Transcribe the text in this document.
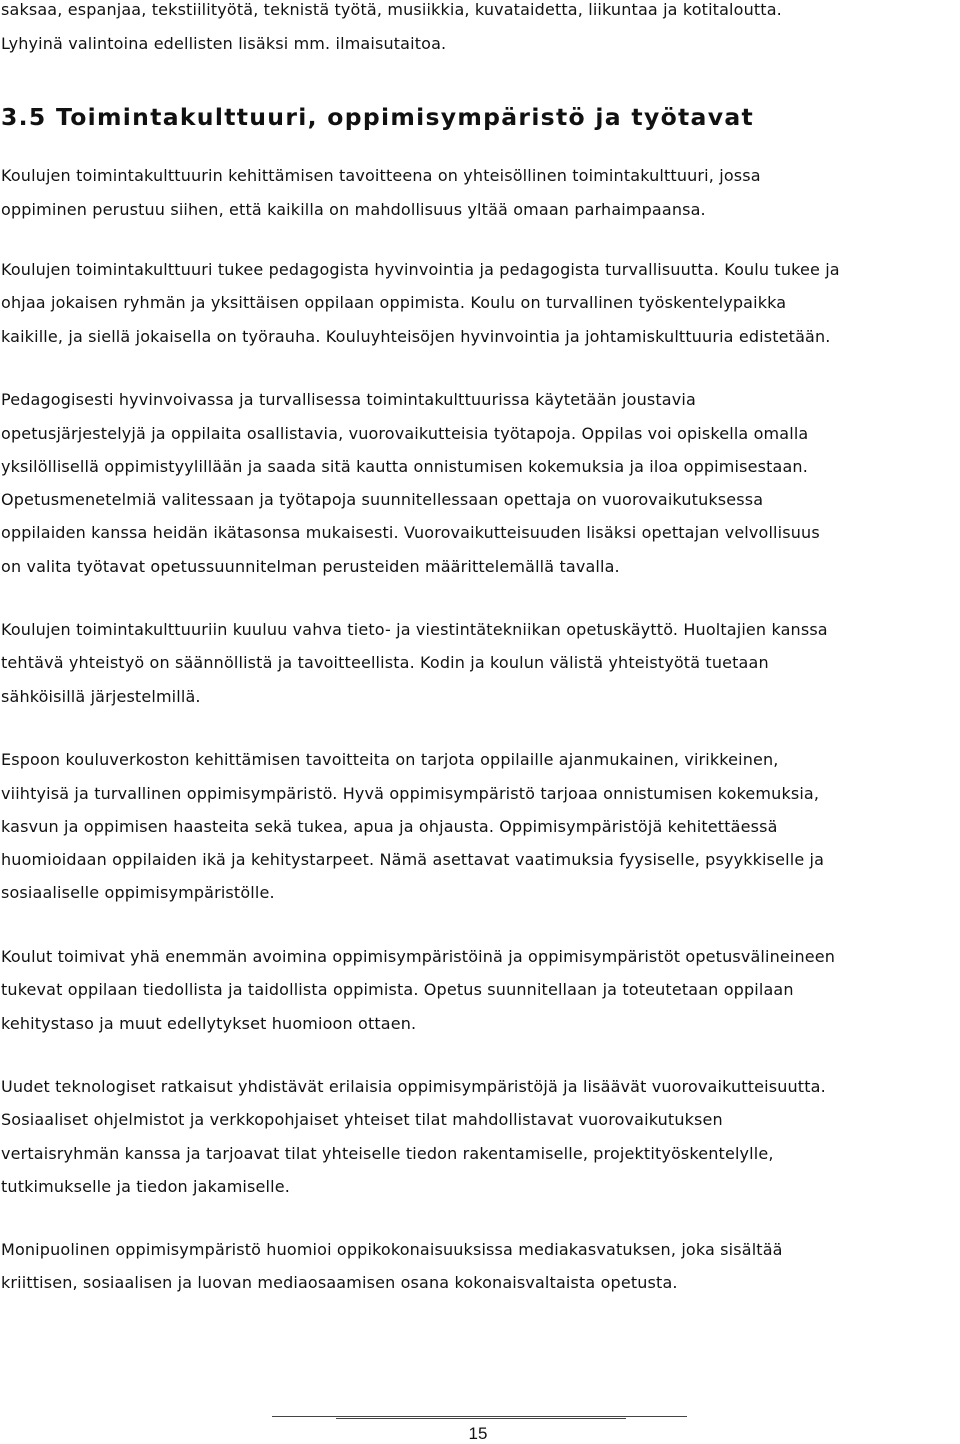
saksaa, espanjaa, tekstiilityötä, teknistä työtä, musiikkia, kuvataidetta, liikuntaa ja kotitaloutta.
Lyhyinä valintoina edellisten lisäksi mm. ilmaisutaitoa.
3.5 Toimintakulttuuri, oppimisympäristö ja työtavat
Koulujen toimintakulttuurin kehittämisen tavoitteena on yhteisöllinen toimintakulttuuri, jossa
oppiminen perustuu siihen, että kaikilla on mahdollisuus yltää omaan parhaimpaansa.
Koulujen toimintakulttuuri tukee pedagogista hyvinvointia ja pedagogista turvallisuutta. Koulu tukee ja
ohjaa jokaisen ryhmän ja yksittäisen oppilaan oppimista. Koulu on turvallinen työskentelypaikka
kaikille, ja siellä jokaisella on työrauha. Kouluyhteisöjen hyvinvointia ja johtamiskulttuuria edistetään.
Pedagogisesti hyvinvoivassa ja turvallisessa toimintakulttuurissa käytetään joustavia
opetusjärjestelyjä ja oppilaita osallistavia, vuorovaikutteisia työtapoja. Oppilas voi opiskella omalla
yksilöllisellä oppimistyylillään ja saada sitä kautta onnistumisen kokemuksia ja iloa oppimisestaan.
Opetusmenetelmiä valitessaan ja työtapoja suunnitellessaan opettaja on vuorovaikutuksessa
oppilaiden kanssa heidän ikätasonsa mukaisesti. Vuorovaikutteisuuden lisäksi opettajan velvollisuus
on valita työtavat opetussuunnitelman perusteiden määrittelemällä tavalla.
Koulujen toimintakulttuuriin kuuluu vahva tieto- ja viestintätekniikan opetuskäyttö. Huoltajien kanssa
tehtävä yhteistyö on säännöllistä ja tavoitteellista. Kodin ja koulun välistä yhteistyötä tuetaan
sähköisillä järjestelmillä.
Espoon kouluverkoston kehittämisen tavoitteita on tarjota oppilaille ajanmukainen, virikkeinen,
viihtyisä ja turvallinen oppimisympäristö. Hyvä oppimisympäristö tarjoaa onnistumisen kokemuksia,
kasvun ja oppimisen haasteita sekä tukea, apua ja ohjausta. Oppimisympäristöjä kehitettäessä
huomioidaan oppilaiden ikä ja kehitystarpeet. Nämä asettavat vaatimuksia fyysiselle, psyykkiselle ja
sosiaaliselle oppimisympäristölle.
Koulut toimivat yhä enemmän avoimina oppimisympäristöinä ja oppimisympäristöt opetusvälineineen
tukevat oppilaan tiedollista ja taidollista oppimista. Opetus suunnitellaan ja toteutetaan oppilaan
kehitystaso ja muut edellytykset huomioon ottaen.
Uudet teknologiset ratkaisut yhdistävät erilaisia oppimisympäristöjä ja lisäävät vuorovaikutteisuutta.
Sosiaaliset ohjelmistot ja verkkopohjaiset yhteiset tilat mahdollistavat vuorovaikutuksen
vertaisryhmän kanssa ja tarjoavat tilat yhteiselle tiedon rakentamiselle, projektityöskentelylle,
tutkimukselle ja tiedon jakamiselle.
Monipuolinen oppimisympäristö huomioi oppikokonaisuuksissa mediakasvatuksen, joka sisältää
kriittisen, sosiaalisen ja luovan mediaosaamisen osana kokonaisvaltaista opetusta.
15
